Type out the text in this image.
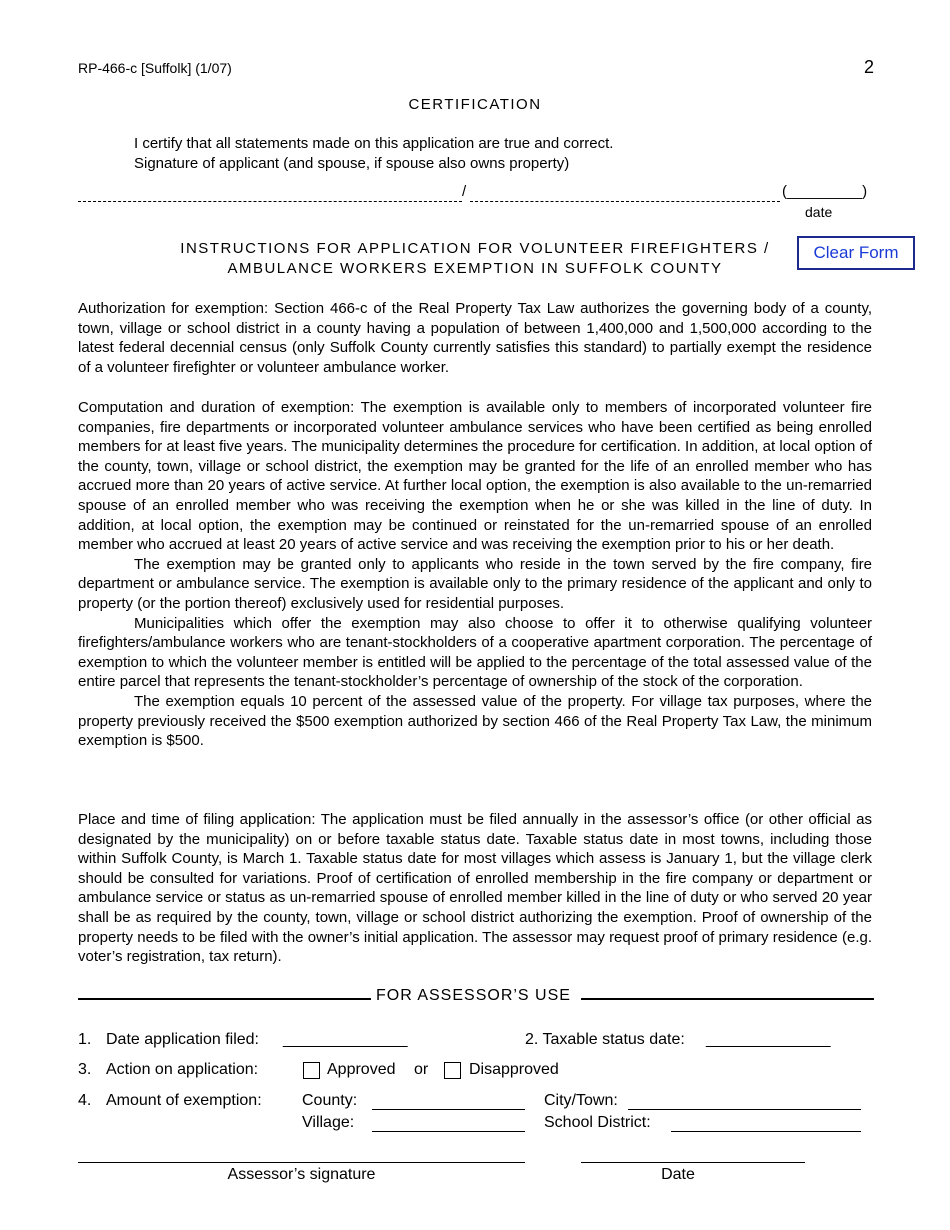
RP-466-c [Suffolk] (1/07)	2
CERTIFICATION
I certify that all statements made on this application are true and correct.
Signature of applicant (and spouse, if spouse also owns property)
/	(_________)
date
INSTRUCTIONS FOR APPLICATION FOR VOLUNTEER FIREFIGHTERS /
AMBULANCE WORKERS EXEMPTION IN SUFFOLK COUNTY
Clear Form

Authorization for exemption: Section 466-c of the Real Property Tax Law authorizes the governing body of a county, town, village or school district in a county having a population of between 1,400,000 and 1,500,000 according to the latest federal decennial census (only Suffolk County currently satisfies this standard) to partially exempt the residence of a volunteer firefighter or volunteer ambulance worker.

Computation and duration of exemption: The exemption is available only to members of incorporated volunteer fire companies, fire departments or incorporated volunteer ambulance services who have been certified as being enrolled members for at least five years. The municipality determines the procedure for certification. In addition, at local option of the county, town, village or school district, the exemption may be granted for the life of an enrolled member who has accrued more than 20 years of active service. At further local option, the exemption is also available to the un-remarried spouse of an enrolled member who was receiving the exemption when he or she was killed in the line of duty. In addition, at local option, the exemption may be continued or reinstated for the un-remarried spouse of an enrolled member who accrued at least 20 years of active service and was receiving the exemption prior to his or her death.

The exemption may be granted only to applicants who reside in the town served by the fire company, fire department or ambulance service. The exemption is available only to the primary residence of the applicant and only to property (or the portion thereof) exclusively used for residential purposes.

Municipalities which offer the exemption may also choose to offer it to otherwise qualifying volunteer firefighters/ambulance workers who are tenant-stockholders of a cooperative apartment corporation. The percentage of exemption to which the volunteer member is entitled will be applied to the percentage of the total assessed value of the entire parcel that represents the tenant-stockholder’s percentage of ownership of the stock of the corporation.

The exemption equals 10 percent of the assessed value of the property. For village tax purposes, where the property previously received the $500 exemption authorized by section 466 of the Real Property Tax Law, the minimum exemption is $500.

Place and time of filing application: The application must be filed annually in the assessor’s office (or other official as designated by the municipality) on or before taxable status date. Taxable status date in most towns, including those within Suffolk County, is March 1. Taxable status date for most villages which assess is January 1, but the village clerk should be consulted for variations. Proof of certification of enrolled membership in the fire company or department or ambulance service or status as un-remarried spouse of enrolled member killed in the line of duty or who served 20 year shall be as required by the county, town, village or school district authorizing the exemption. Proof of ownership of the property needs to be filed with the owner’s initial application. The assessor may request proof of primary residence (e.g. voter’s registration, tax return).

FOR ASSESSOR’S USE
1. Date application filed: ______________	2. Taxable status date: ______________
3. Action on application:	Approved or	Disapproved
4. Amount of exemption:	County:	City/Town:
Village:	School District:
Assessor’s signature	Date
